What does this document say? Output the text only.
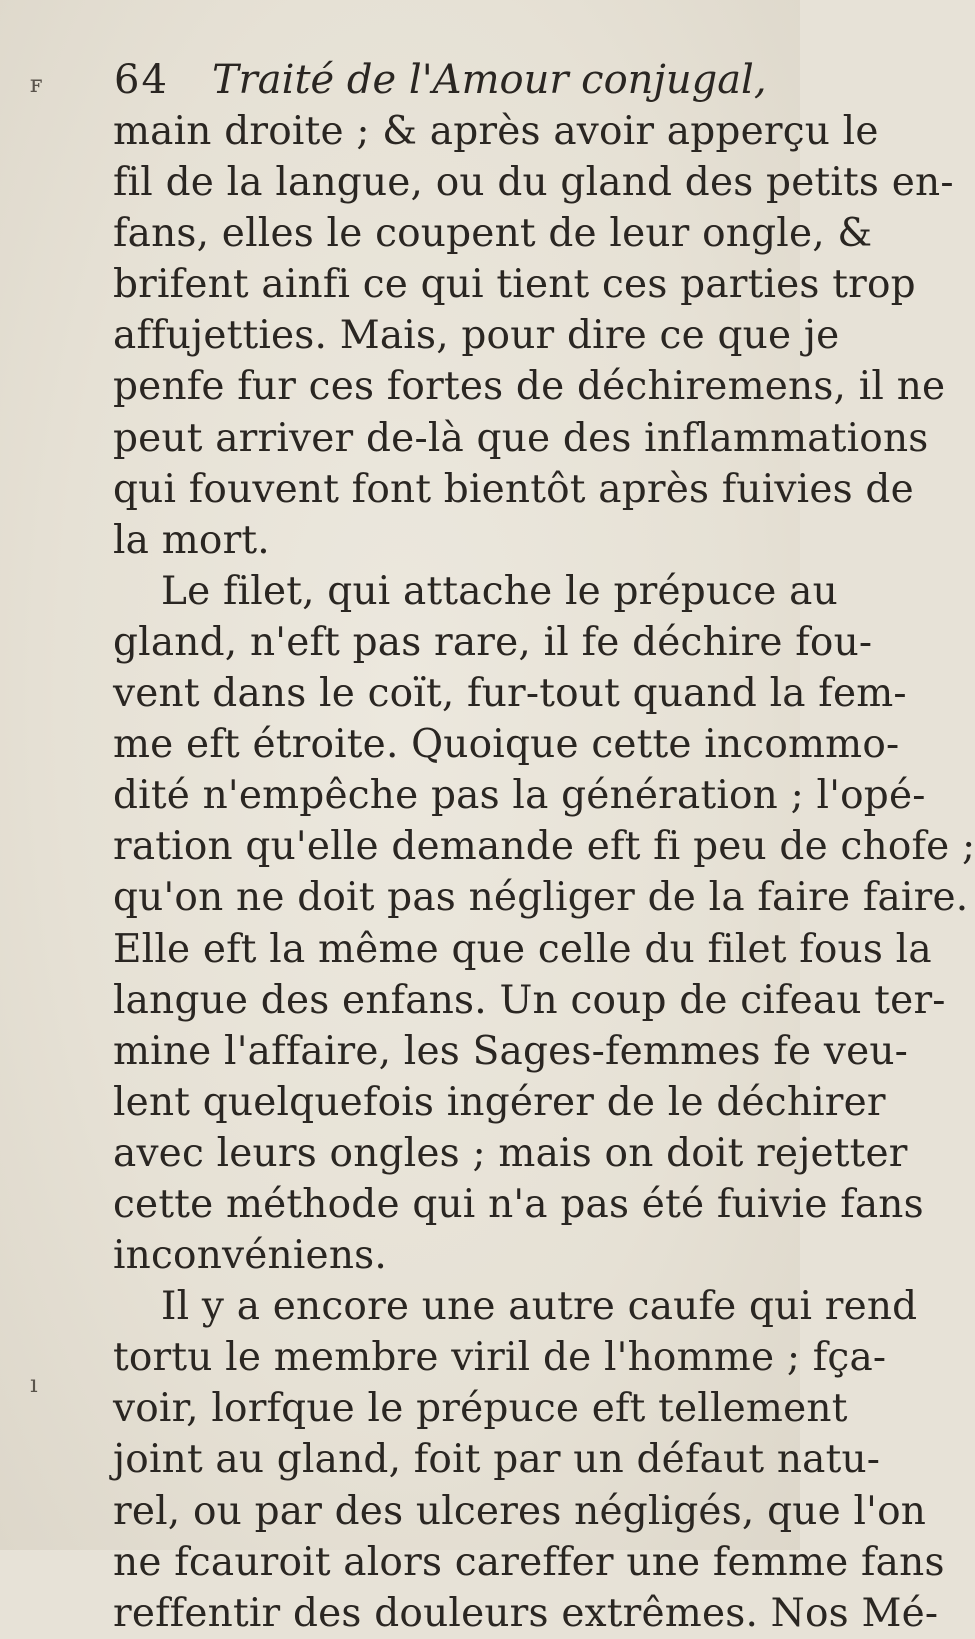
64 Traité de l'Amour conjugal,
main droite ; & après avoir apperçu le
fil de la langue, ou du gland des petits en-
fans, elles le coupent de leur ongle, &
brifent ainfi ce qui tient ces parties trop
affujetties. Mais, pour dire ce que je
penfe fur ces fortes de déchiremens, il ne
peut arriver de-là que des inflammations
qui fouvent font bientôt après fuivies de
la mort.
Le filet, qui attache le prépuce au
gland, n'eft pas rare, il fe déchire fou-
vent dans le coït, fur-tout quand la fem-
me eft étroite. Quoique cette incommo-
dité n'empêche pas la génération ; l'opé-
ration qu'elle demande eft fi peu de chofe ;
qu'on ne doit pas négliger de la faire faire.
Elle eft la même que celle du filet fous la
langue des enfans. Un coup de cifeau ter-
mine l'affaire, les Sages-femmes fe veu-
lent quelquefois ingérer de le déchirer
avec leurs ongles ; mais on doit rejetter
cette méthode qui n'a pas été fuivie fans
inconvéniens.
Il y a encore une autre caufe qui rend
tortu le membre viril de l'homme ; fça-
voir, lorfque le prépuce eft tellement
joint au gland, foit par un défaut natu-
rel, ou par des ulceres négligés, que l'on
ne fcauroit alors careffer une femme fans
reffentir des douleurs extrêmes. Nos Mé-
ꜰ
ı
